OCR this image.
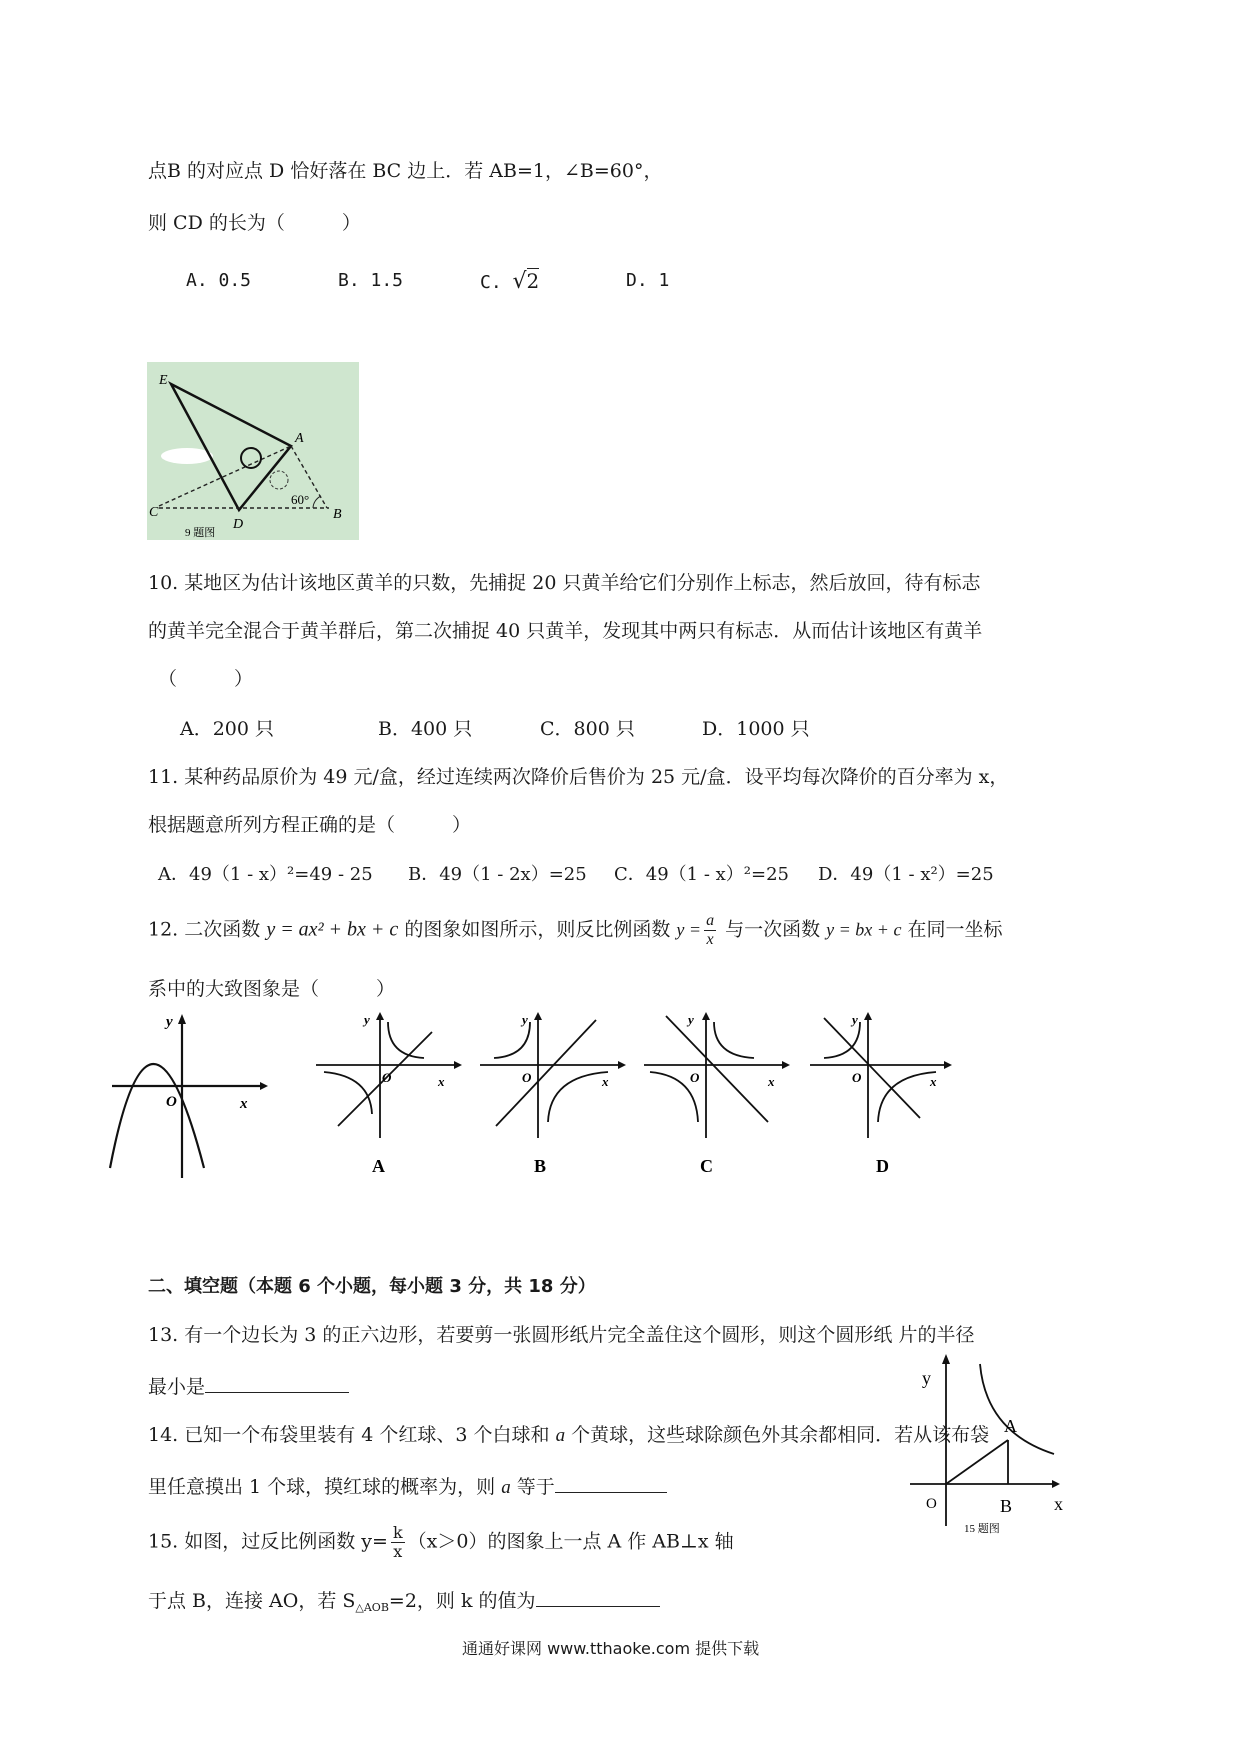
点B 的对应点 D 恰好落在 BC 边上．若 AB=1，∠B=60°，
则 CD 的长为（　　　）
A. 0.5	B. 1.5	C. √2	D. 1
E
A
C
D
B
60°
9 题图
10. 某地区为估计该地区黄羊的只数，先捕捉 20 只黄羊给它们分别作上标志，然后放回，待有标志
的黄羊完全混合于黄羊群后，第二次捕捉 40 只黄羊，发现其中两只有标志．从而估计该地区有黄羊
（　　　）
A．200 只	B．400 只	C．800 只	D．1000 只
11. 某种药品原价为 49 元/盒，经过连续两次降价后售价为 25 元/盒．设平均每次降价的百分率为 x，
根据题意所列方程正确的是（　　　）
A．49（1 - x）²=49 - 25 B．49（1 - 2x）=25 C．49（1 - x）²=25 D．49（1 - x²）=25
12. 二次函数 y = ax² + bx + c 的图象如图所示，则反比例函数 $y = \frac{a}{x}$ 与一次函数 y = bx + c 在同一坐标
系中的大致图象是（　　　）
y
x
O
y
x
O
A
y
x
O
B
y
x
O
C
y
x
O
D
二、填空题（本题 6 个小题，每小题 3 分，共 18 分）
13. 有一个边长为 3 的正六边形，若要剪一张圆形纸片完全盖住这个圆形，则这个圆形纸 片的半径
最小是
14. 已知一个布袋里装有 4 个红球、3 个白球和 a 个黄球，这些球除颜色外其余都相同．若从该布袋
里任意摸出 1 个球，摸红球的概率为，则 a 等于
15. 如图，过反比例函数 $y= \frac{k}{x} (x>0)$的图象上一点 A 作 AB⊥x 轴
于点 B，连接 AO，若 $S_{\triangle AOB}=2$，则 k 的值为
y
x
O
A
B
15 题图
通通好课网 www.tthaoke.com 提供下载
